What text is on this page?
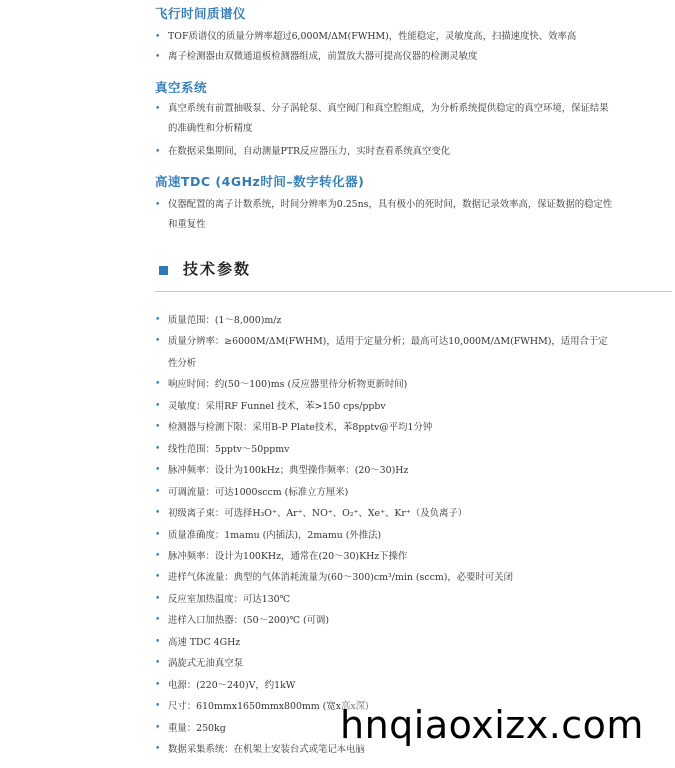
飞行时间质谱仪
• TOF质谱仪的质量分辨率超过6,000M/ΔM(FWHM)，性能稳定，灵敏度高，扫描速度快、效率高
• 离子检测器由双微通道板检测器组成，前置放大器可提高仪器的检测灵敏度
真空系统
• 真空系统有前置抽吸泵、分子涡轮泵、真空阀门和真空腔组成，为分析系统提供稳定的真空环境，保证结果的准确性和分析精度
• 在数据采集期间，自动测量PTR反应器压力，实时查看系统真空变化
高速TDC (4GHz时间–数字转化器)
• 仪器配置的离子计数系统，时间分辨率为0.25ns，具有极小的死时间，数据记录效率高，保证数据的稳定性和重复性
技术参数
• 质量范围：(1～8,000)m/z
• 质量分辨率：≥6000M/ΔM(FWHM)，适用于定量分析；最高可达10,000M/ΔM(FWHM)，适用合于定性分析
• 响应时间：约(50～100)ms (反应器里待分析物更新时间)
• 灵敏度：采用RF Funnel 技术，苯>150 cps/ppbv
• 检测器与检测下限：采用B-P Plate技术，苯8pptv@平均1分钟
• 线性范围：5pptv～50ppmv
• 脉冲频率：设计为100kHz；典型操作频率：(20～30)Hz
• 可调流量：可达1000sccm (标准立方厘米)
• 初级离子束：可选择H₃O⁺、Ar⁺、NO⁺、O₂⁺、Xe⁺、Kr⁺（及负离子）
• 质量准确度：1mamu (内插法)，2mamu (外推法)
• 脉冲频率：设计为100KHz，通常在(20～30)KHz下操作
• 进样气体流量：典型的气体消耗流量为(60～300)cm³/min (sccm)，必要时可关闭
• 反应室加热温度：可达130℃
• 进样入口加热器：(50～200)℃ (可调)
• 高速 TDC 4GHz
• 涡旋式无油真空泵
• 电源：(220～240)V，约1kW
• 尺寸：610mmx1650mmx800mm (宽x高x深)
• 重量：250kg
• 数据采集系统：在机架上安装台式或笔记本电脑
hnqiaoxizx.com
